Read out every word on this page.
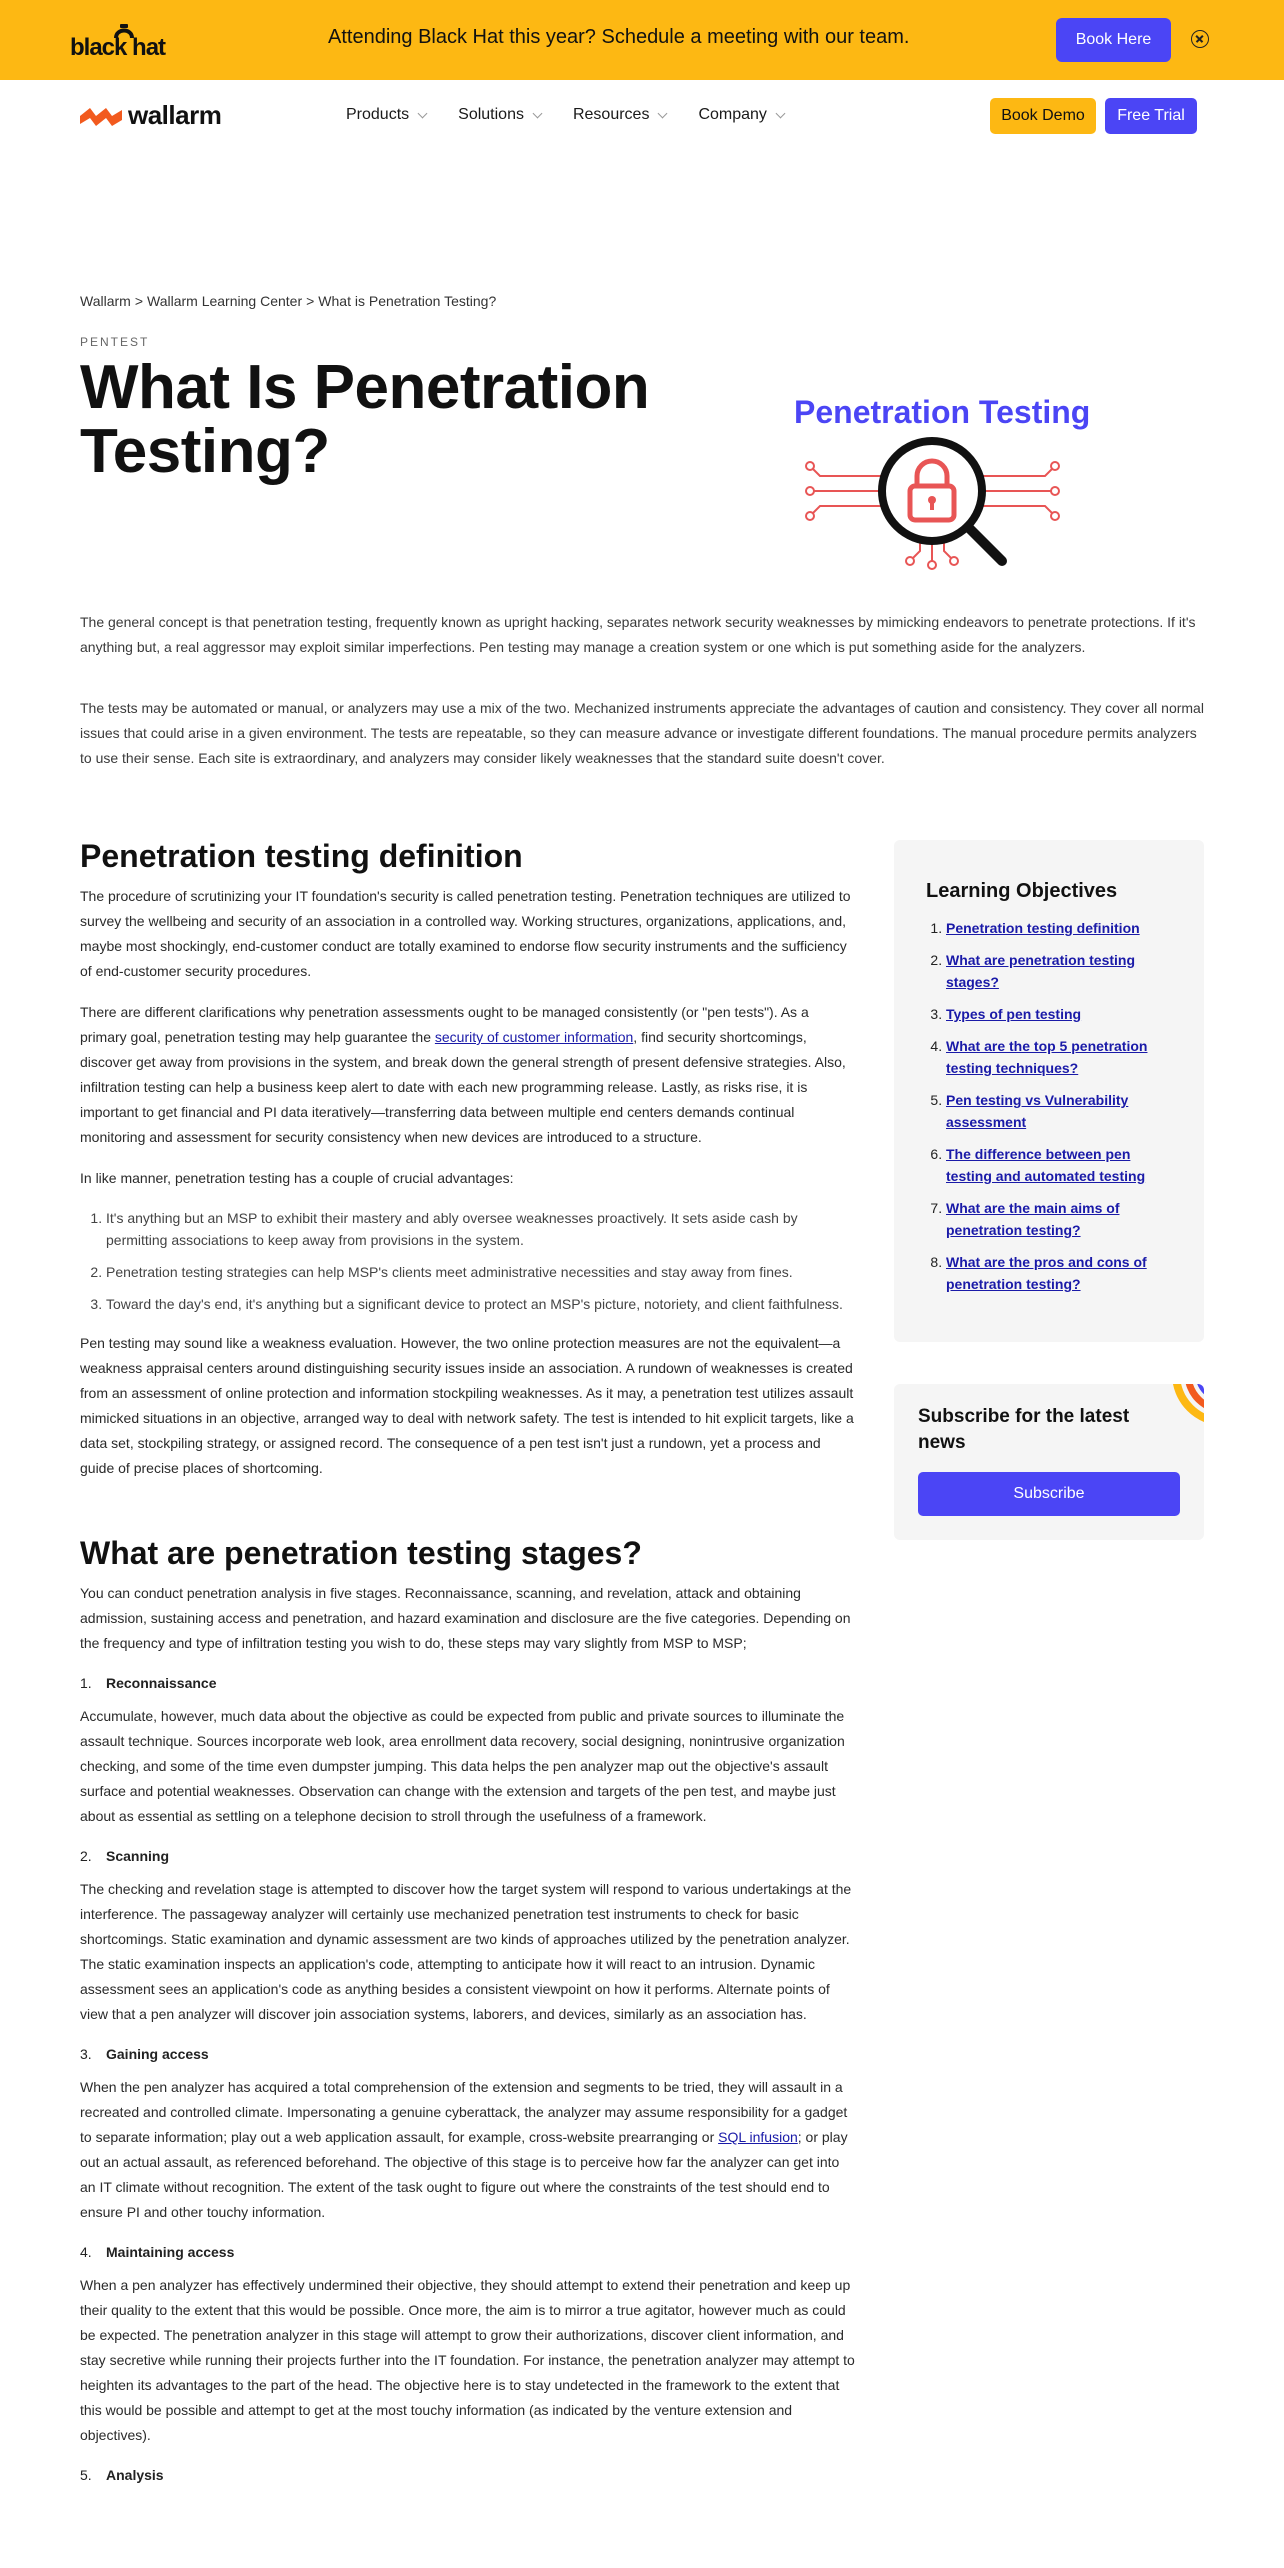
black hat	Attending Black Hat this year? Schedule a meeting with our team.	Book Here
wallarm	Products	Solutions	Resources	Company	Book Demo	Free Trial
Wallarm > Wallarm Learning Center > What is Penetration Testing?
PENTEST
What Is Penetration Testing?
Penetration Testing

The general concept is that penetration testing, frequently known as upright hacking, separates network security weaknesses by mimicking endeavors to penetrate protections. If it's anything but, a real aggressor may exploit similar imperfections. Pen testing may manage a creation system or one which is put something aside for the analyzers.

The tests may be automated or manual, or analyzers may use a mix of the two. Mechanized instruments appreciate the advantages of caution and consistency. They cover all normal issues that could arise in a given environment. The tests are repeatable, so they can measure advance or investigate different foundations. The manual procedure permits analyzers to use their sense. Each site is extraordinary, and analyzers may consider likely weaknesses that the standard suite doesn't cover.

Penetration testing definition

The procedure of scrutinizing your IT foundation's security is called penetration testing. Penetration techniques are utilized to survey the wellbeing and security of an association in a controlled way. Working structures, organizations, applications, and, maybe most shockingly, end-customer conduct are totally examined to endorse flow security instruments and the sufficiency of end-customer security procedures.

There are different clarifications why penetration assessments ought to be managed consistently (or "pen tests"). As a primary goal, penetration testing may help guarantee the security of customer information, find security shortcomings, discover get away from provisions in the system, and break down the general strength of present defensive strategies. Also, infiltration testing can help a business keep alert to date with each new programming release. Lastly, as risks rise, it is important to get financial and PI data iteratively—transferring data between multiple end centers demands continual monitoring and assessment for security consistency when new devices are introduced to a structure.

In like manner, penetration testing has a couple of crucial advantages:

1. It's anything but an MSP to exhibit their mastery and ably oversee weaknesses proactively. It sets aside cash by permitting associations to keep away from provisions in the system.
2. Penetration testing strategies can help MSP's clients meet administrative necessities and stay away from fines.
3. Toward the day's end, it's anything but a significant device to protect an MSP's picture, notoriety, and client faithfulness.

Pen testing may sound like a weakness evaluation. However, the two online protection measures are not the equivalent—a weakness appraisal centers around distinguishing security issues inside an association. A rundown of weaknesses is created from an assessment of online protection and information stockpiling weaknesses. As it may, a penetration test utilizes assault mimicked situations in an objective, arranged way to deal with network safety. The test is intended to hit explicit targets, like a data set, stockpiling strategy, or assigned record. The consequence of a pen test isn't just a rundown, yet a process and guide of precise places of shortcoming.

What are penetration testing stages?

You can conduct penetration analysis in five stages. Reconnaissance, scanning, and revelation, attack and obtaining admission, sustaining access and penetration, and hazard examination and disclosure are the five categories. Depending on the frequency and type of infiltration testing you wish to do, these steps may vary slightly from MSP to MSP;

1. Reconnaissance

Accumulate, however, much data about the objective as could be expected from public and private sources to illuminate the assault technique. Sources incorporate web look, area enrollment data recovery, social designing, nonintrusive organization checking, and some of the time even dumpster jumping. This data helps the pen analyzer map out the objective's assault surface and potential weaknesses. Observation can change with the extension and targets of the pen test, and maybe just about as essential as settling on a telephone decision to stroll through the usefulness of a framework.

2. Scanning

The checking and revelation stage is attempted to discover how the target system will respond to various undertakings at the interference. The passageway analyzer will certainly use mechanized penetration test instruments to check for basic shortcomings. Static examination and dynamic assessment are two kinds of approaches utilized by the penetration analyzer. The static examination inspects an application's code, attempting to anticipate how it will react to an intrusion. Dynamic assessment sees an application's code as anything besides a consistent viewpoint on how it performs. Alternate points of view that a pen analyzer will discover join association systems, laborers, and devices, similarly as an association has.

3. Gaining access

When the pen analyzer has acquired a total comprehension of the extension and segments to be tried, they will assault in a recreated and controlled climate. Impersonating a genuine cyberattack, the analyzer may assume responsibility for a gadget to separate information; play out a web application assault, for example, cross-website prearranging or SQL infusion; or play out an actual assault, as referenced beforehand. The objective of this stage is to perceive how far the analyzer can get into an IT climate without recognition. The extent of the task ought to figure out where the constraints of the test should end to ensure PI and other touchy information.

4. Maintaining access

When a pen analyzer has effectively undermined their objective, they should attempt to extend their penetration and keep up their quality to the extent that this would be possible. Once more, the aim is to mirror a true agitator, however much as could be expected. The penetration analyzer in this stage will attempt to grow their authorizations, discover client information, and stay secretive while running their projects further into the IT foundation. For instance, the penetration analyzer may attempt to heighten its advantages to the part of the head. The objective here is to stay undetected in the framework to the extent that this would be possible and attempt to get at the most touchy information (as indicated by the venture extension and objectives).

5. Analysis
Learning Objectives
1. Penetration testing definition
2. What are penetration testing stages?
3. Types of pen testing
4. What are the top 5 penetration testing techniques?
5. Pen testing vs Vulnerability assessment
6. The difference between pen testing and automated testing
7. What are the main aims of penetration testing?
8. What are the pros and cons of penetration testing?
Subscribe for the latest news
Subscribe
